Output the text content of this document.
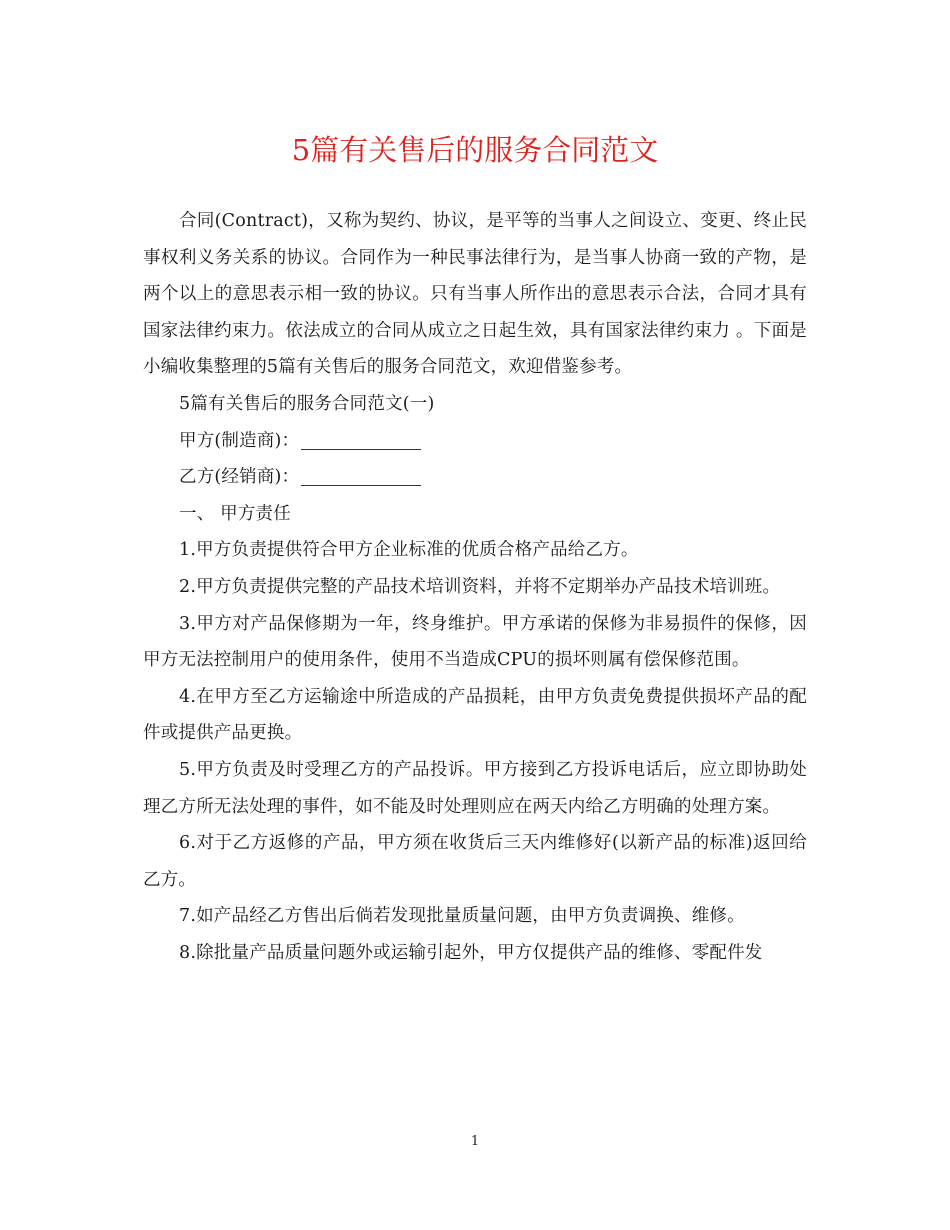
5篇有关售后的服务合同范文

合同(Contract)，又称为契约、协议，是平等的当事人之间设立、变更、终止民事权利义务关系的协议。合同作为一种民事法律行为，是当事人协商一致的产物，是两个以上的意思表示相一致的协议。只有当事人所作出的意思表示合法，合同才具有国家法律约束力。依法成立的合同从成立之日起生效，具有国家法律约束力 。下面是小编收集整理的5篇有关售后的服务合同范文，欢迎借鉴参考。

5篇有关售后的服务合同范文(一)

甲方(制造商)：

乙方(经销商)：

一、 甲方责任

1.甲方负责提供符合甲方企业标准的优质合格产品给乙方。

2.甲方负责提供完整的产品技术培训资料，并将不定期举办产品技术培训班。

3.甲方对产品保修期为一年，终身维护。甲方承诺的保修为非易损件的保修，因甲方无法控制用户的使用条件，使用不当造成CPU的损坏则属有偿保修范围。

4.在甲方至乙方运输途中所造成的产品损耗，由甲方负责免费提供损坏产品的配件或提供产品更换。

5.甲方负责及时受理乙方的产品投诉。甲方接到乙方投诉电话后，应立即协助处理乙方所无法处理的事件，如不能及时处理则应在两天内给乙方明确的处理方案。

6.对于乙方返修的产品，甲方须在收货后三天内维修好(以新产品的标准)返回给乙方。

7.如产品经乙方售出后倘若发现批量质量问题，由甲方负责调换、维修。

8.除批量产品质量问题外或运输引起外，甲方仅提供产品的维修、零配件发

1
